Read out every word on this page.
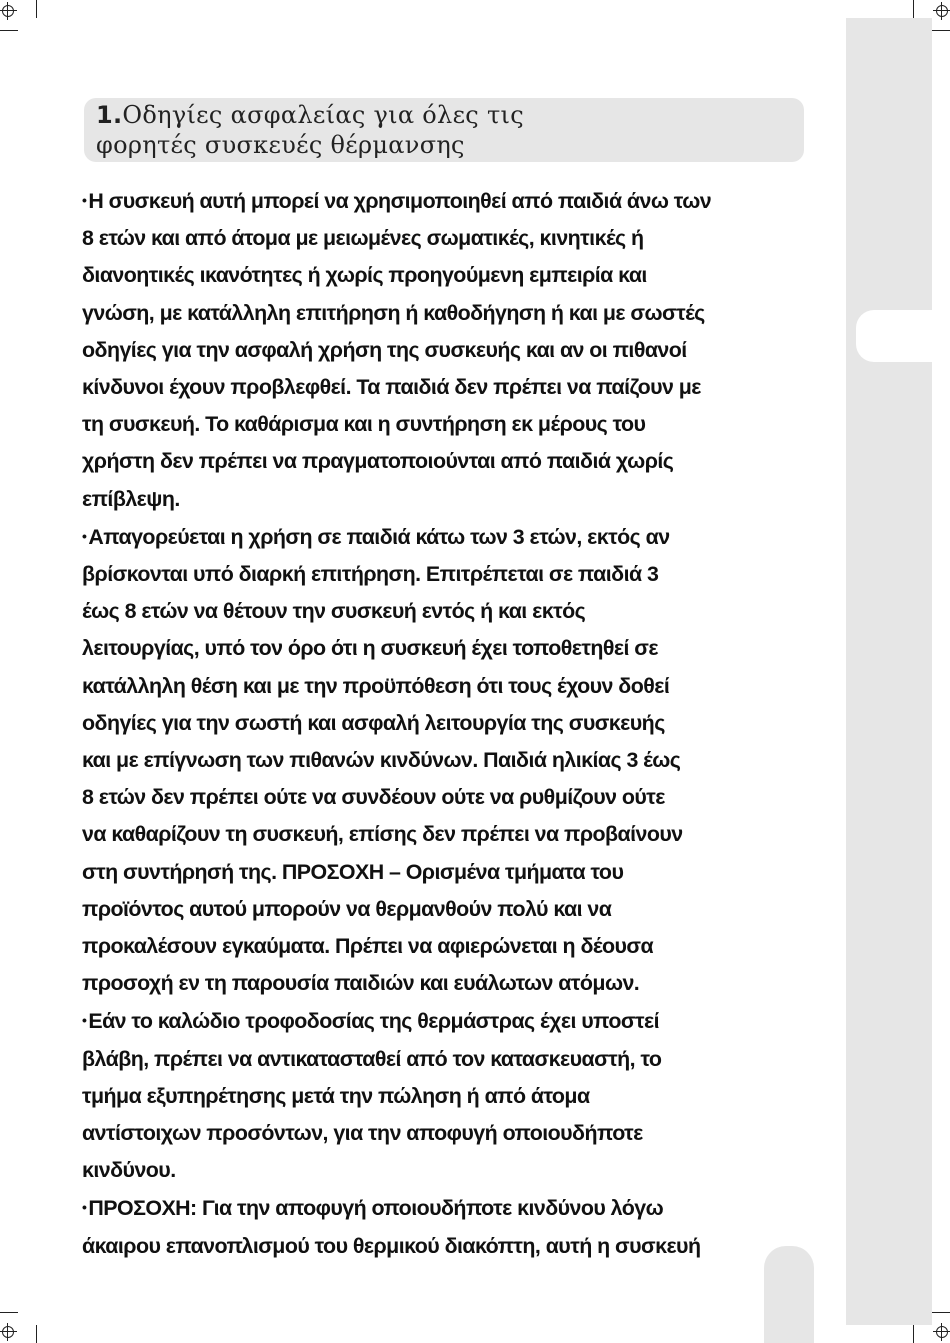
1.Οδηγίες ασφαλείας για όλες τις
φορητές συσκευές θέρμανσης
•Η συσκευή αυτή μπορεί να χρησιμοποιηθεί από παιδιά άνω των
8 ετών και από άτομα με μειωμένες σωματικές, κινητικές ή
διανοητικές ικανότητες ή χωρίς προηγούμενη εμπειρία και
γνώση, με κατάλληλη επιτήρηση ή καθοδήγηση ή και με σωστές
οδηγίες για την ασφαλή χρήση της συσκευής και αν οι πιθανοί
κίνδυνοι έχουν προβλεφθεί. Τα παιδιά δεν πρέπει να παίζουν με
τη συσκευή. Το καθάρισμα και η συντήρηση εκ μέρους του
χρήστη δεν πρέπει να πραγματοποιούνται από παιδιά χωρίς
επίβλεψη.
•Απαγορεύεται η χρήση σε παιδιά κάτω των 3 ετών, εκτός αν
βρίσκονται υπό διαρκή επιτήρηση. Επιτρέπεται σε παιδιά 3
έως 8 ετών να θέτουν την συσκευή εντός ή και εκτός
λειτουργίας, υπό τον όρο ότι η συσκευή έχει τοποθετηθεί σε
κατάλληλη θέση και με την προϋπόθεση ότι τους έχουν δοθεί
οδηγίες για την σωστή και ασφαλή λειτουργία της συσκευής
και με επίγνωση των πιθανών κινδύνων. Παιδιά ηλικίας 3 έως
8 ετών δεν πρέπει ούτε να συνδέουν ούτε να ρυθμίζουν ούτε
να καθαρίζουν τη συσκευή, επίσης δεν πρέπει να προβαίνουν
στη συντήρησή της. ΠΡΟΣΟΧΗ – Ορισμένα τμήματα του
προϊόντος αυτού μπορούν να θερμανθούν πολύ και να
προκαλέσουν εγκαύματα. Πρέπει να αφιερώνεται η δέουσα
προσοχή εν τη παρουσία παιδιών και ευάλωτων ατόμων.
•Εάν το καλώδιο τροφοδοσίας της θερμάστρας έχει υποστεί
βλάβη, πρέπει να αντικατασταθεί από τον κατασκευαστή, το
τμήμα εξυπηρέτησης μετά την πώληση ή από άτομα
αντίστοιχων προσόντων, για την αποφυγή οποιουδήποτε
κινδύνου.
•ΠΡΟΣΟΧΗ: Για την αποφυγή οποιουδήποτε κινδύνου λόγω
άκαιρου επανοπλισμού του θερμικού διακόπτη, αυτή η συσκευή
